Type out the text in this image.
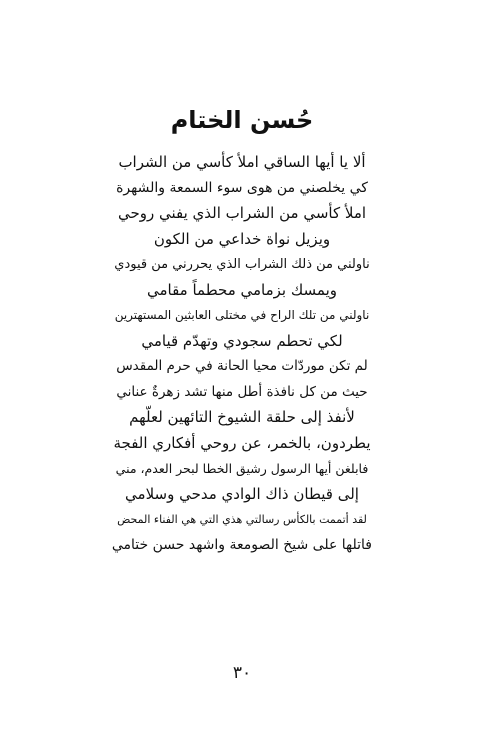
حُسن الختام
ألا يا أيها الساقي املأ كأسي من الشراب
كي يخلصني من هوى سوء السمعة والشهرة
املأ كأسي من الشراب الذي يفني روحي
ويزيل نواة خداعي من الكون
ناولني من ذلك الشراب الذي يحررني من قيودي
ويمسك بزمامي محطماً مقامي
ناولني من تلك الراح في مختلى العابثين المستهترين
لكي تحطم سجودي وتهدّم قيامي
لم تكن موردّات محيا الحانة في حرم المقدس
حيث من كل نافذة أطل منها تشد زهرةٌ عناني
لأنفذ إلى حلقة الشيوخ التائهين لعلّهم
يطردون، بالخمر، عن روحي أفكاري الفجة
فابلغن أيها الرسول رشيق الخطا لبحر العدم، مني
إلى قيطان ذاك الوادي مدحي وسلامي
لقد أتممت بالكأس رسالتي هذي التي هي الفناء المحض
فاتلها على شيخ الصومعة واشهد حسن ختامي
٣٠
